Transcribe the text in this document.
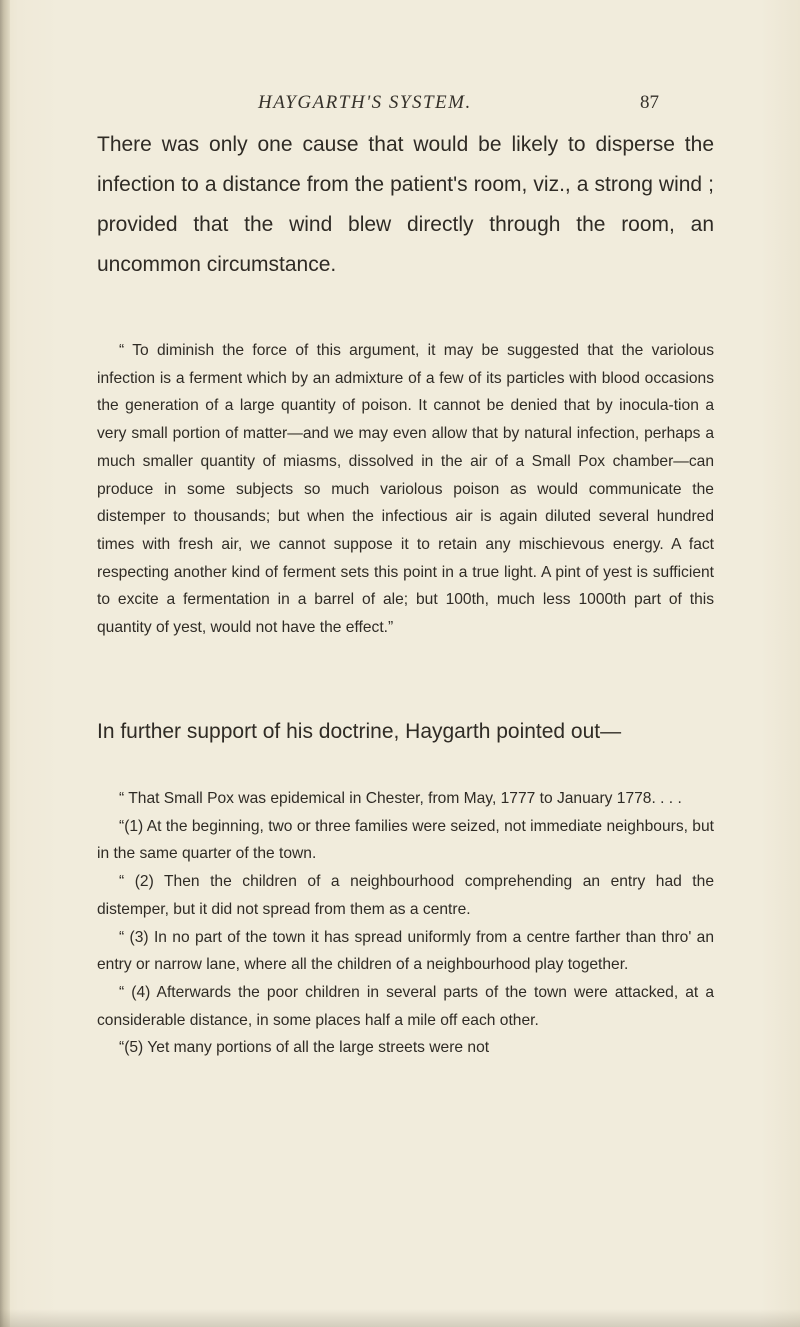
HAYGARTH'S SYSTEM.	87

There was only one cause that would be likely to disperse the infection to a distance from the patient's room, viz., a strong wind ; provided that the wind blew directly through the room, an uncommon circumstance.

“ To diminish the force of this argument, it may be suggested that the variolous infection is a ferment which by an admixture of a few of its particles with blood occasions the generation of a large quantity of poison. It cannot be denied that by inocula-tion a very small portion of matter—and we may even allow that by natural infection, perhaps a much smaller quantity of miasms, dissolved in the air of a Small Pox chamber—can produce in some subjects so much variolous poison as would communicate the distemper to thousands; but when the infectious air is again diluted several hundred times with fresh air, we cannot suppose it to retain any mischievous energy. A fact respecting another kind of ferment sets this point in a true light. A pint of yest is sufficient to excite a fermentation in a barrel of ale; but 100th, much less 1000th part of this quantity of yest, would not have the effect.”

In further support of his doctrine, Haygarth pointed out—

“ That Small Pox was epidemical in Chester, from May, 1777 to January 1778. . . .

“(1) At the beginning, two or three families were seized, not immediate neighbours, but in the same quarter of the town.

“ (2) Then the children of a neighbourhood comprehending an entry had the distemper, but it did not spread from them as a centre.

“ (3) In no part of the town it has spread uniformly from a centre farther than thro' an entry or narrow lane, where all the children of a neighbourhood play together.

“ (4) Afterwards the poor children in several parts of the town were attacked, at a considerable distance, in some places half a mile off each other.

“(5) Yet many portions of all the large streets were not
